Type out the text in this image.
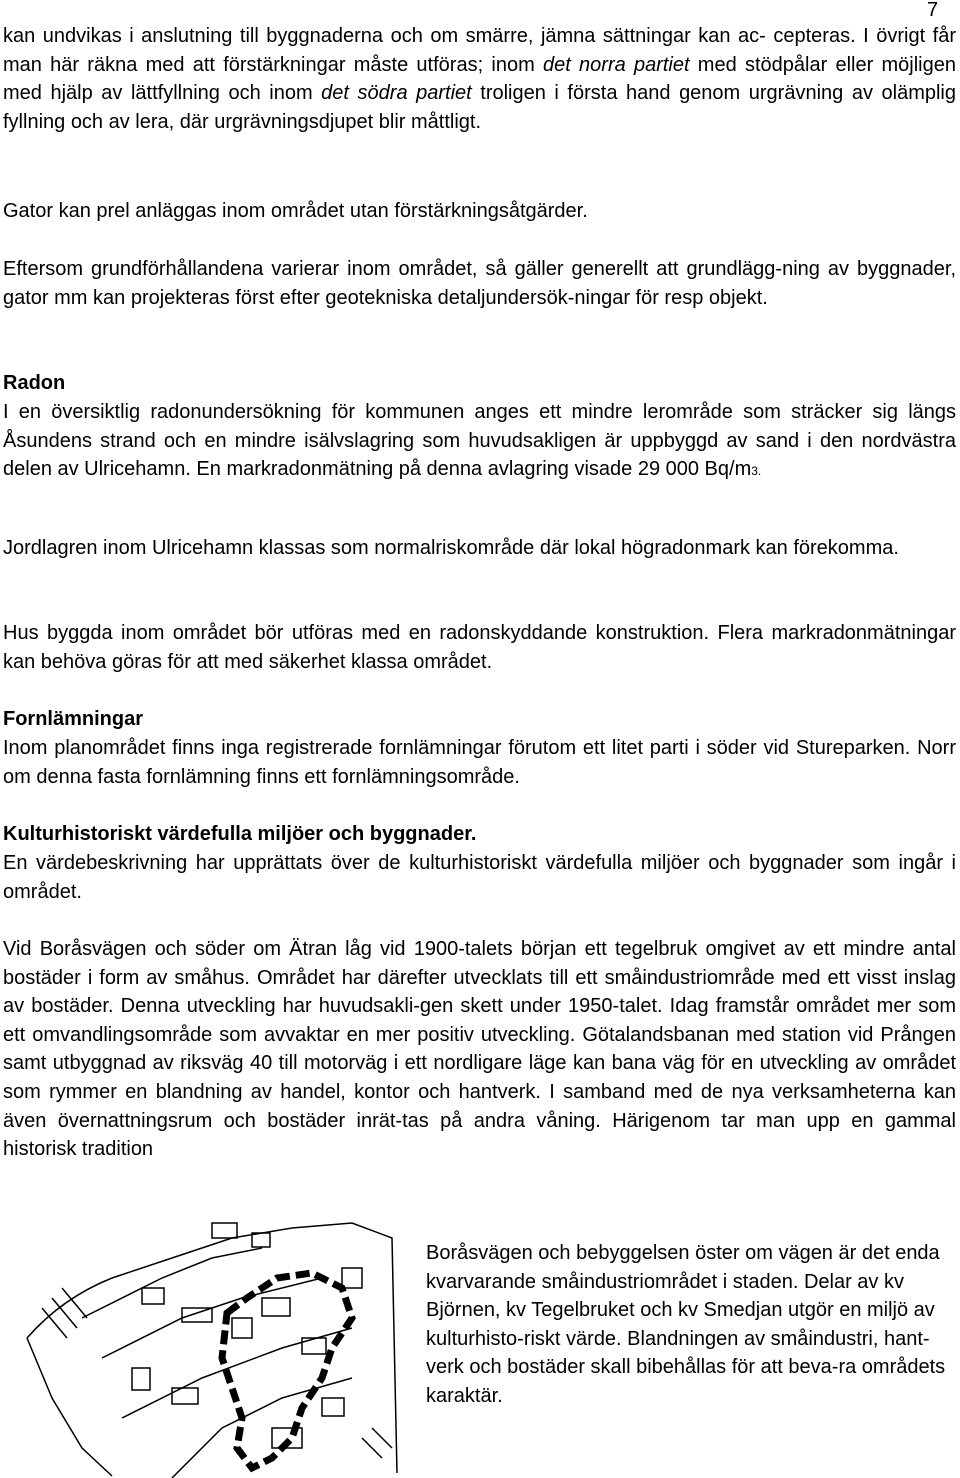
7

kan undvikas i anslutning till byggnaderna och om smärre, jämna sättningar kan ac- cepteras. I övrigt får man här räkna med att förstärkningar måste utföras; inom det norra partiet med stödpålar eller möjligen med hjälp av lättfyllning och inom det södra partiet troligen i första hand genom urgrävning av olämplig fyllning och av lera, där urgrävningsdjupet blir måttligt.

Gator kan prel anläggas inom området utan förstärkningsåtgärder.

Eftersom grundförhållandena varierar inom området, så gäller generellt att grundlägg-ning av byggnader, gator mm kan projekteras först efter geotekniska detaljundersök-ningar för resp objekt.

Radon

I en översiktlig radonundersökning för kommunen anges ett mindre lerområde som sträcker sig längs Åsundens strand och en mindre isälvslagring som huvudsakligen är uppbyggd av sand i den nordvästra delen av Ulricehamn. En markradonmätning på denna avlagring visade 29 000 Bq/m3.

Jordlagren inom Ulricehamn klassas som normalriskområde där lokal högradonmark kan förekomma.

Hus byggda inom området bör utföras med en radonskyddande konstruktion. Flera markradonmätningar kan behöva göras för att med säkerhet klassa området.

Fornlämningar

Inom planområdet finns inga registrerade fornlämningar förutom ett litet parti i söder vid Stureparken. Norr om denna fasta fornlämning finns ett fornlämningsområde.

Kulturhistoriskt värdefulla miljöer och byggnader.

En värdebeskrivning har upprättats över de kulturhistoriskt värdefulla miljöer och byggnader som ingår i området.

Vid Boråsvägen och söder om Ätran låg vid 1900-talets början ett tegelbruk omgivet av ett mindre antal bostäder i form av småhus. Området har därefter utvecklats till ett småindustriområde med ett visst inslag av bostäder. Denna utveckling har huvudsakli-gen skett under 1950-talet. Idag framstår området mer som ett omvandlingsområde som avvaktar en mer positiv utveckling. Götalandsbanan med station vid Prången samt utbyggnad av riksväg 40 till motorväg i ett nordligare läge kan bana väg för en utveckling av området som rymmer en blandning av handel, kontor och hantverk. I samband med de nya verksamheterna kan även övernattningsrum och bostäder inrät-tas på andra våning. Härigenom tar man upp en gammal historisk tradition

Boråsvägen och bebyggelsen öster om vägen är det enda kvarvarande småindustriområdet i staden. Delar av kv Björnen, kv Tegelbruket och kv Smedjan utgör en miljö av kulturhisto-riskt värde. Blandningen av småindustri, hant-verk och bostäder skall bibehållas för att beva-ra områdets karaktär.
